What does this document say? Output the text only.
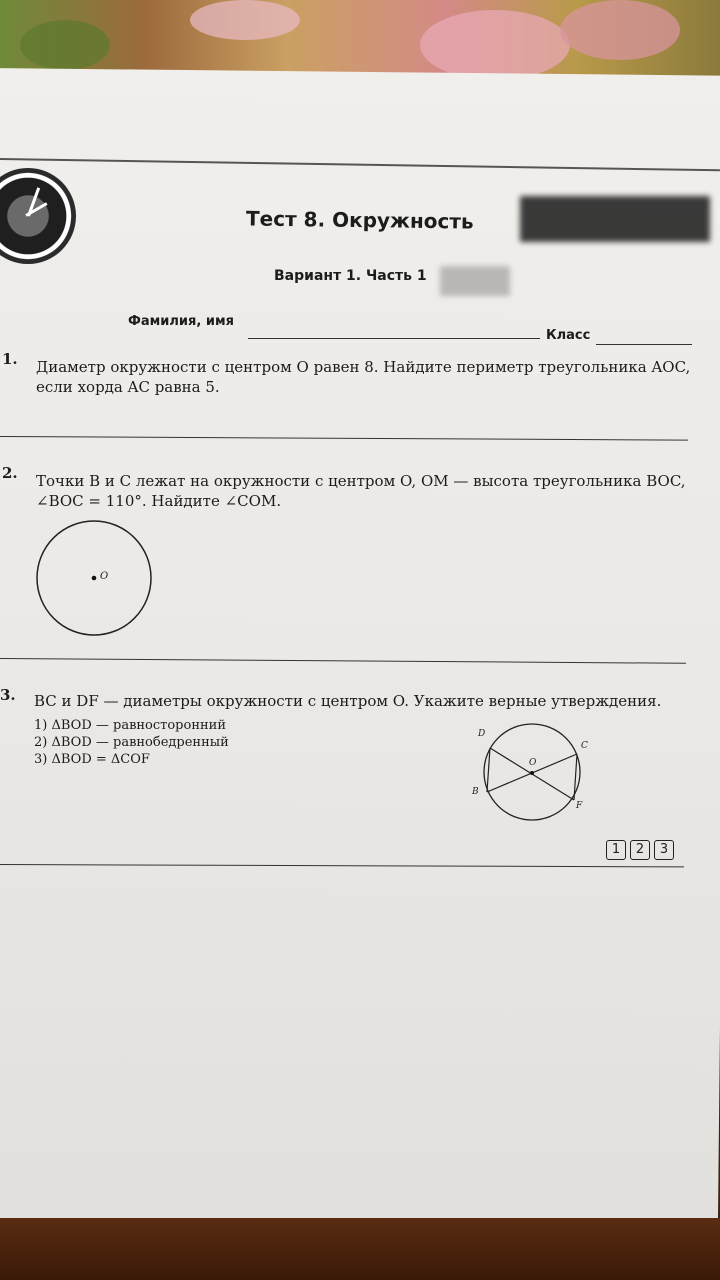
Тест 8. Окружность
Вариант 1. Часть 1
Фамилия, имя
Класс
1. Диаметр окружности с центром O равен 8. Найдите периметр треугольника AOC,
если хорда AC равна 5.
2. Точки B и C лежат на окружности с центром O, OM — высота треугольника BOC,
∠BOC = 110°. Найдите ∠COM.
O
3. BC и DF — диаметры окружности с центром O. Укажите верные утверждения.
1) ΔBOD — равносторонний
2) ΔBOD — равнобедренный
3) ΔBOD = ΔCOF
D
C
O
B
F
1	2	3
